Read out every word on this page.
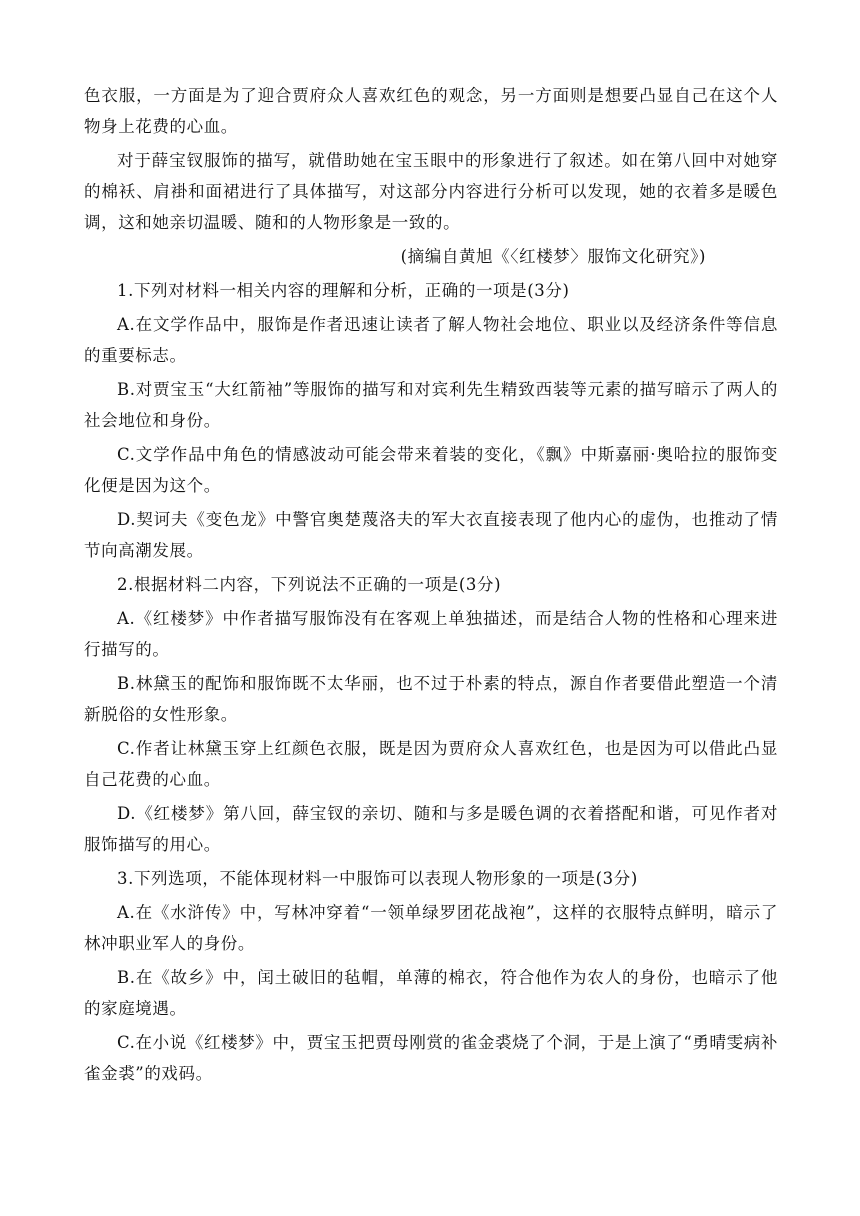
色衣服，一方面是为了迎合贾府众人喜欢红色的观念，另一方面则是想要凸显自己在这个人物身上花费的心血。

对于薛宝钗服饰的描写，就借助她在宝玉眼中的形象进行了叙述。如在第八回中对她穿的棉袄、肩褂和面裙进行了具体描写，对这部分内容进行分析可以发现，她的衣着多是暖色调，这和她亲切温暖、随和的人物形象是一致的。

(摘编自黄旭《〈红楼梦〉服饰文化研究》)

1.下列对材料一相关内容的理解和分析，正确的一项是(3分)

A.在文学作品中，服饰是作者迅速让读者了解人物社会地位、职业以及经济条件等信息的重要标志。

B.对贾宝玉“大红箭袖”等服饰的描写和对宾利先生精致西装等元素的描写暗示了两人的社会地位和身份。

C.文学作品中角色的情感波动可能会带来着装的变化，《飘》中斯嘉丽·奥哈拉的服饰变化便是因为这个。

D.契诃夫《变色龙》中警官奥楚蔑洛夫的军大衣直接表现了他内心的虚伪，也推动了情节向高潮发展。

2.根据材料二内容，下列说法不正确的一项是(3分)

A.《红楼梦》中作者描写服饰没有在客观上单独描述，而是结合人物的性格和心理来进行描写的。

B.林黛玉的配饰和服饰既不太华丽，也不过于朴素的特点，源自作者要借此塑造一个清新脱俗的女性形象。

C.作者让林黛玉穿上红颜色衣服，既是因为贾府众人喜欢红色，也是因为可以借此凸显自己花费的心血。

D.《红楼梦》第八回，薛宝钗的亲切、随和与多是暖色调的衣着搭配和谐，可见作者对服饰描写的用心。

3.下列选项，不能体现材料一中服饰可以表现人物形象的一项是(3分)

A.在《水浒传》中，写林冲穿着“一领单绿罗团花战袍”，这样的衣服特点鲜明，暗示了林冲职业军人的身份。

B.在《故乡》中，闰土破旧的毡帽，单薄的棉衣，符合他作为农人的身份，也暗示了他的家庭境遇。

C.在小说《红楼梦》中，贾宝玉把贾母刚赏的雀金裘烧了个洞，于是上演了“勇晴雯病补雀金裘”的戏码。
